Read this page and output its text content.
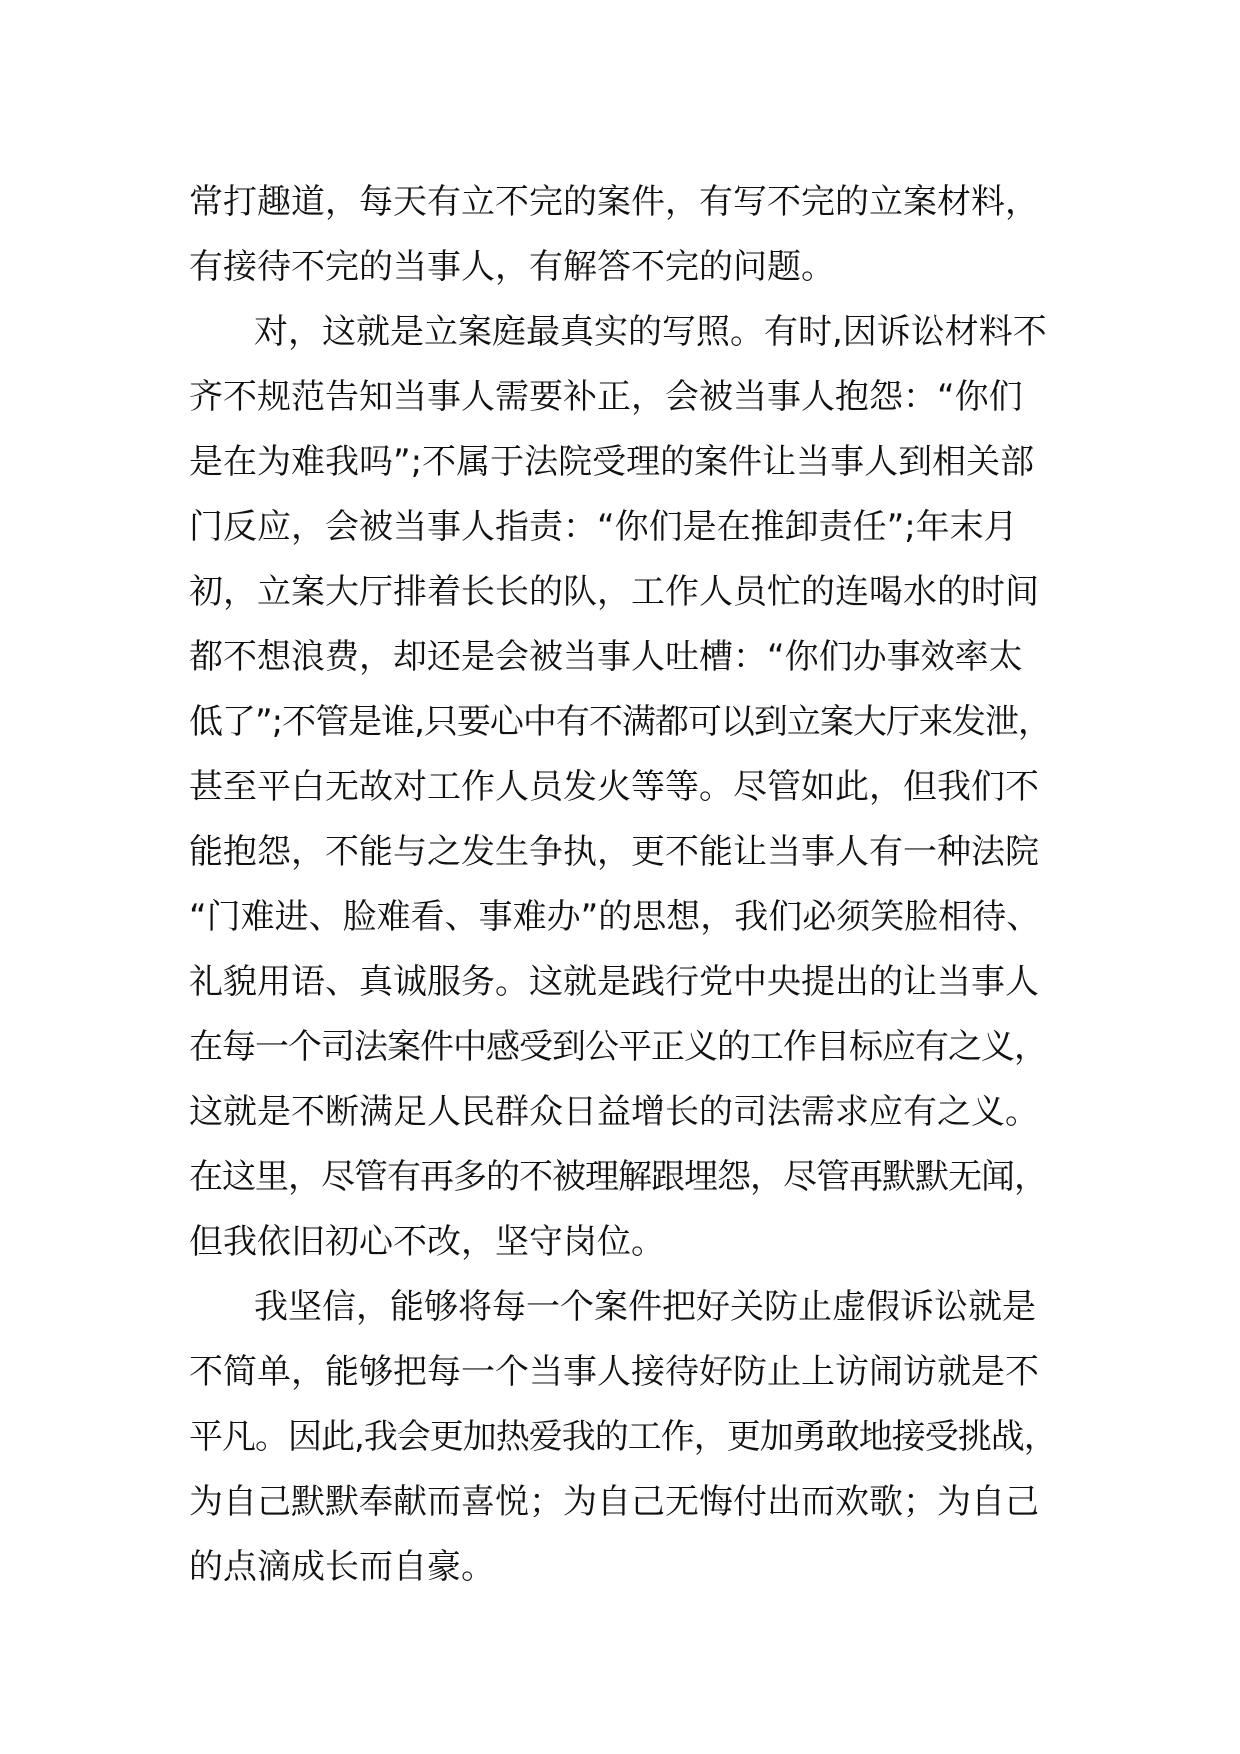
常打趣道，每天有立不完的案件，有写不完的立案材料，
有接待不完的当事人，有解答不完的问题。
对，这就是立案庭最真实的写照。有时,因诉讼材料不
齐不规范告知当事人需要补正，会被当事人抱怨：“你们
是在为难我吗”;不属于法院受理的案件让当事人到相关部
门反应，会被当事人指责：“你们是在推卸责任”;年末月
初，立案大厅排着长长的队，工作人员忙的连喝水的时间
都不想浪费，却还是会被当事人吐槽：“你们办事效率太
低了”;不管是谁,只要心中有不满都可以到立案大厅来发泄，
甚至平白无故对工作人员发火等等。尽管如此，但我们不
能抱怨，不能与之发生争执，更不能让当事人有一种法院
“门难进、脸难看、事难办”的思想，我们必须笑脸相待、
礼貌用语、真诚服务。这就是践行党中央提出的让当事人
在每一个司法案件中感受到公平正义的工作目标应有之义，
这就是不断满足人民群众日益增长的司法需求应有之义。
在这里，尽管有再多的不被理解跟埋怨，尽管再默默无闻，
但我依旧初心不改，坚守岗位。
我坚信，能够将每一个案件把好关防止虚假诉讼就是
不简单，能够把每一个当事人接待好防止上访闹访就是不
平凡。因此,我会更加热爱我的工作，更加勇敢地接受挑战，
为自己默默奉献而喜悦；为自己无悔付出而欢歌；为自己
的点滴成长而自豪。
